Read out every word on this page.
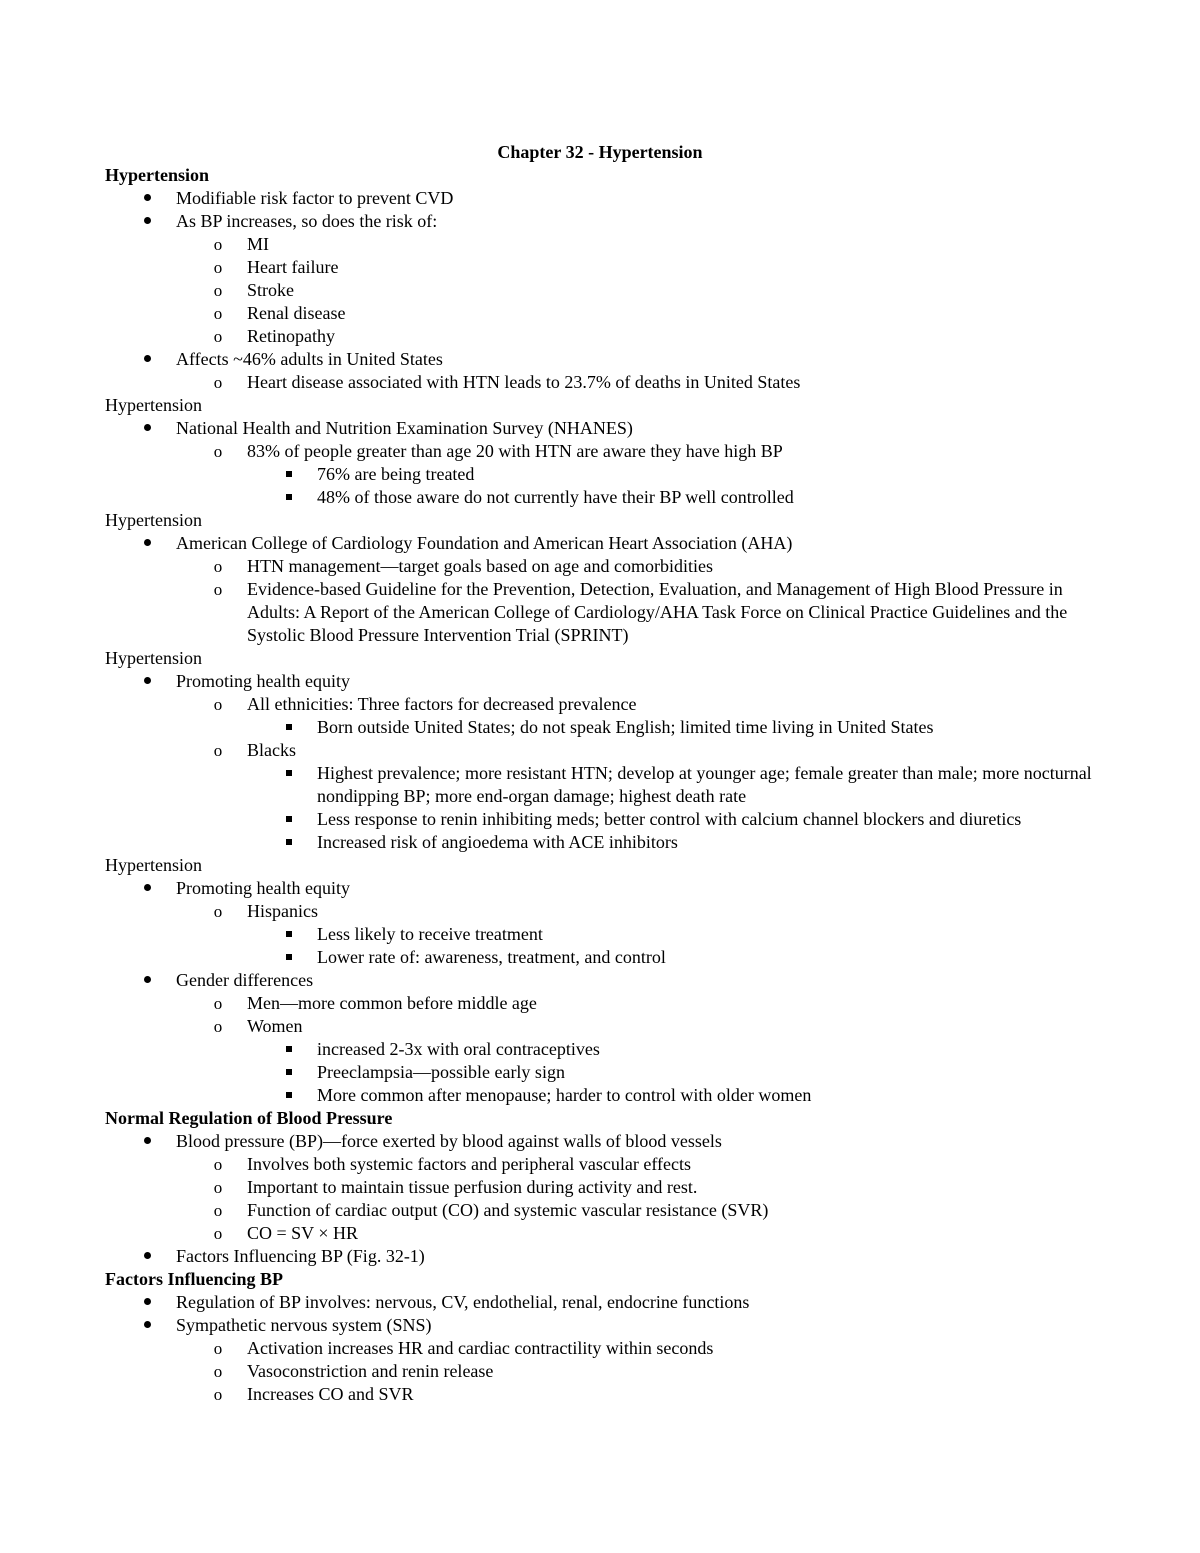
Chapter 32 - Hypertension
Hypertension
Modifiable risk factor to prevent CVD
As BP increases, so does the risk of:
o
MI
o
Heart failure
o
Stroke
o
Renal disease
o
Retinopathy
Affects ~46% adults in United States
o
Heart disease associated with HTN leads to 23.7% of deaths in United States
Hypertension
National Health and Nutrition Examination Survey (NHANES)
o
83% of people greater than age 20 with HTN are aware they have high BP
76% are being treated
48% of those aware do not currently have their BP well controlled
Hypertension
American College of Cardiology Foundation and American Heart Association (AHA)
o
HTN management—target goals based on age and comorbidities
o
Evidence-based Guideline for the Prevention, Detection, Evaluation, and Management of High Blood Pressure in Adults: A Report of the American College of Cardiology/AHA Task Force on Clinical Practice Guidelines and the Systolic Blood Pressure Intervention Trial (SPRINT)
Hypertension
Promoting health equity
o
All ethnicities: Three factors for decreased prevalence
Born outside United States; do not speak English; limited time living in United States
o
Blacks
Highest prevalence; more resistant HTN; develop at younger age; female greater than male; more nocturnal nondipping BP; more end-organ damage; highest death rate
Less response to renin inhibiting meds; better control with calcium channel blockers and diuretics
Increased risk of angioedema with ACE inhibitors
Hypertension
Promoting health equity
o
Hispanics
Less likely to receive treatment
Lower rate of: awareness, treatment, and control
Gender differences
o
Men—more common before middle age
o
Women
increased 2-3x with oral contraceptives
Preeclampsia—possible early sign
More common after menopause; harder to control with older women
Normal Regulation of Blood Pressure
Blood pressure (BP)—force exerted by blood against walls of blood vessels
o
Involves both systemic factors and peripheral vascular effects
o
Important to maintain tissue perfusion during activity and rest.
o
Function of cardiac output (CO) and systemic vascular resistance (SVR)
o
CO = SV × HR
Factors Influencing BP (Fig. 32-1)
Factors Influencing BP
Regulation of BP involves: nervous, CV, endothelial, renal, endocrine functions
Sympathetic nervous system (SNS)
o
Activation increases HR and cardiac contractility within seconds
o
Vasoconstriction and renin release
o
Increases CO and SVR
